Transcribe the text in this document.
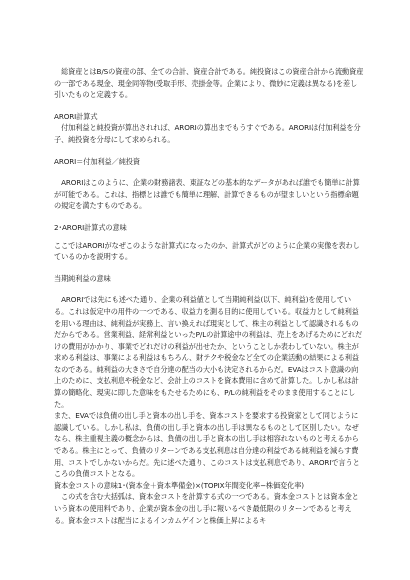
　総資産とはB/Sの資産の部、全ての合計、資産合計である。純投資はこの資産合計から流動資産の一部である現金、現金同等物(受取手形、売掛金等。企業により、微妙に定義は異なる)を差し引いたものと定義する。

ARORI計算式

　付加利益と純投資が算出されれば、ARORIの算出までもうすぐである。ARORIは付加利益を分子、純投資を分母にして求められる。

ARORI＝付加利益／純投資

　ARORIはこのように、企業の財務諸表、東証などの基本的なデータがあれば誰でも簡単に計算が可能である。これは、指標とは誰でも簡単に理解、計算できるものが望ましいという指標命題の規定を満たすものである。

2･ARORI計算式の意味

ここではARORIがなぜこのような計算式になったのか、計算式がどのように企業の実像を表わしているのかを説明する。

当期純利益の意味

　ARORIでは先にも述べた通り、企業の利益値として当期純利益(以下、純利益)を使用している。これは仮定中の用件の一つである、収益力を測る目的に使用している。収益力として純利益を用いる理由は、純利益が実務上、言い換えれば現実として、株主の利益として認識されるものだからである。営業利益、経常利益といったP/Lの計算途中の利益は、売上をあげるためにどれだけの費用がかかり、事業でどれだけの利益が出せたか、ということしか表わしていない。株主が求める利益は、事業による利益はもちろん、財テクや税金など全ての企業活動の結果による利益なのである。純利益の大きさで自分達の配当の大小も決定されるからだ。EVAはコスト意識の向上のために、支払利息や税金など、会計上のコストを資本費用に含めて計算した。しかし私は計算の簡略化、現実に即した意味をもたせるためにも、P/Lの純利益をそのまま使用することにした。

また、EVAでは負債の出し手と資本の出し手を、資本コストを要求する投資家として同じように認識している。しかし私は、負債の出し手と資本の出し手は異なるものとして区別したい。なぜなら、株主重視主義の概念からは、負債の出し手と資本の出し手は相容れないものと考えるからである。株主にとって、負債のリターンである支払利息は自分達の利益である純利益を減らす費用、コストでしかないからだ。先に述べた通り、このコストは支払利息であり、ARORIで言うところの負債コストとなる。

資本金コストの意味1･(資本金＋資本準備金)×(TOPIX年間変化率−株価変化率)

　この式を含む大括弧は、資本金コストを計算する式の一つである。資本金コストとは資本金という資本の使用料であり、企業が資本金の出し手に報いるべき最低限のリターンであると考える。資本金コストは配当によるインカムゲインと株価上昇によるキ
